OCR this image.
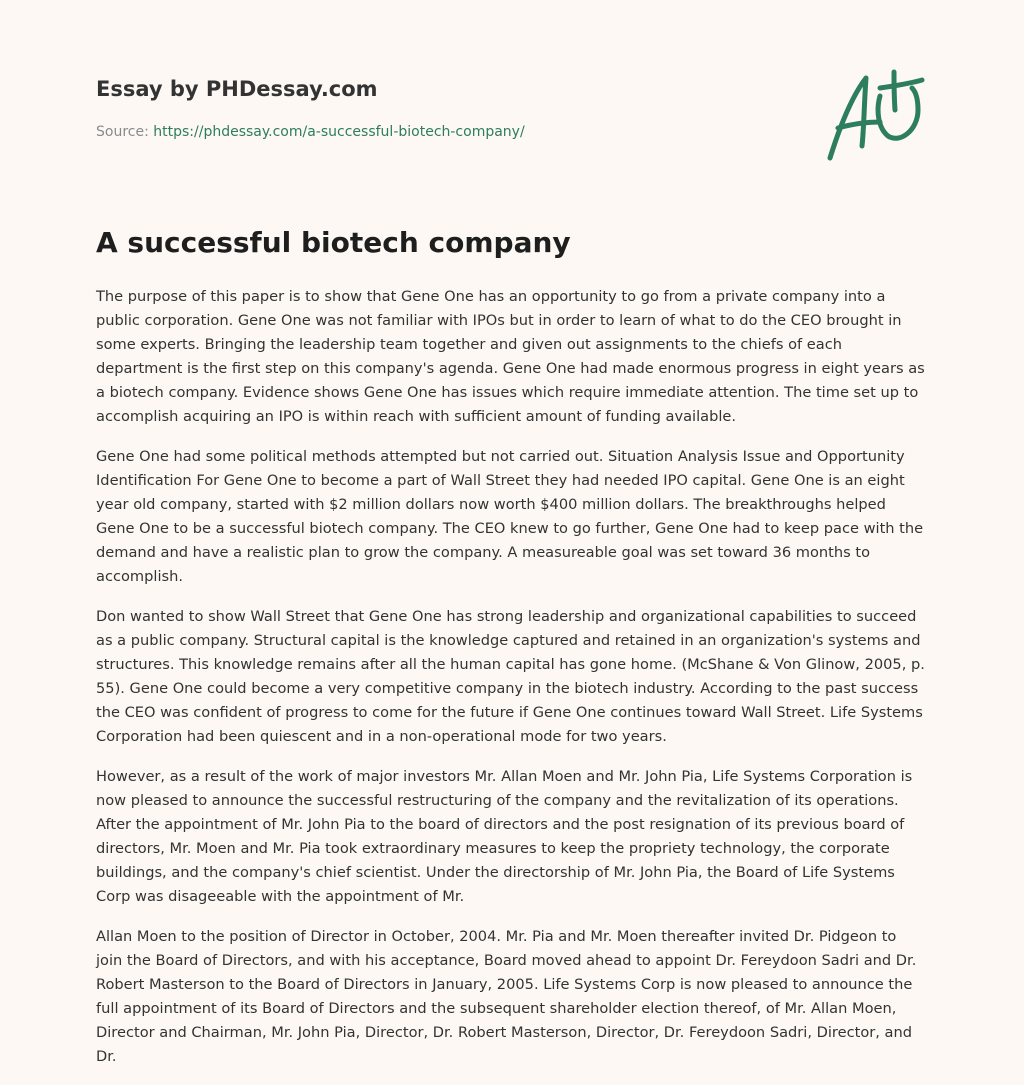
Essay by PHDessay.com
Source: https://phdessay.com/a-successful-biotech-company/
A successful biotech company

The purpose of this paper is to show that Gene One has an opportunity to go from a private company into a public corporation. Gene One was not familiar with IPOs but in order to learn of what to do the CEO brought in some experts. Bringing the leadership team together and given out assignments to the chiefs of each department is the first step on this company's agenda. Gene One had made enormous progress in eight years as a biotech company. Evidence shows Gene One has issues which require immediate attention. The time set up to accomplish acquiring an IPO is within reach with sufficient amount of funding available.

Gene One had some political methods attempted but not carried out. Situation Analysis Issue and Opportunity Identification For Gene One to become a part of Wall Street they had needed IPO capital. Gene One is an eight year old company, started with $2 million dollars now worth $400 million dollars. The breakthroughs helped Gene One to be a successful biotech company. The CEO knew to go further, Gene One had to keep pace with the demand and have a realistic plan to grow the company. A measureable goal was set toward 36 months to accomplish.

Don wanted to show Wall Street that Gene One has strong leadership and organizational capabilities to succeed as a public company. Structural capital is the knowledge captured and retained in an organization's systems and structures. This knowledge remains after all the human capital has gone home. (McShane & Von Glinow, 2005, p. 55). Gene One could become a very competitive company in the biotech industry. According to the past success the CEO was confident of progress to come for the future if Gene One continues toward Wall Street. Life Systems Corporation had been quiescent and in a non-operational mode for two years.

However, as a result of the work of major investors Mr. Allan Moen and Mr. John Pia, Life Systems Corporation is now pleased to announce the successful restructuring of the company and the revitalization of its operations. After the appointment of Mr. John Pia to the board of directors and the post resignation of its previous board of directors, Mr. Moen and Mr. Pia took extraordinary measures to keep the propriety technology, the corporate buildings, and the company's chief scientist. Under the directorship of Mr. John Pia, the Board of Life Systems Corp was disageeable with the appointment of Mr.

Allan Moen to the position of Director in October, 2004. Mr. Pia and Mr. Moen thereafter invited Dr. Pidgeon to join the Board of Directors, and with his acceptance, Board moved ahead to appoint Dr. Fereydoon Sadri and Dr. Robert Masterson to the Board of Directors in January, 2005. Life Systems Corp is now pleased to announce the full appointment of its Board of Directors and the subsequent shareholder election thereof, of Mr. Allan Moen, Director and Chairman, Mr. John Pia, Director, Dr. Robert Masterson, Director, Dr. Fereydoon Sadri, Director, and Dr.
